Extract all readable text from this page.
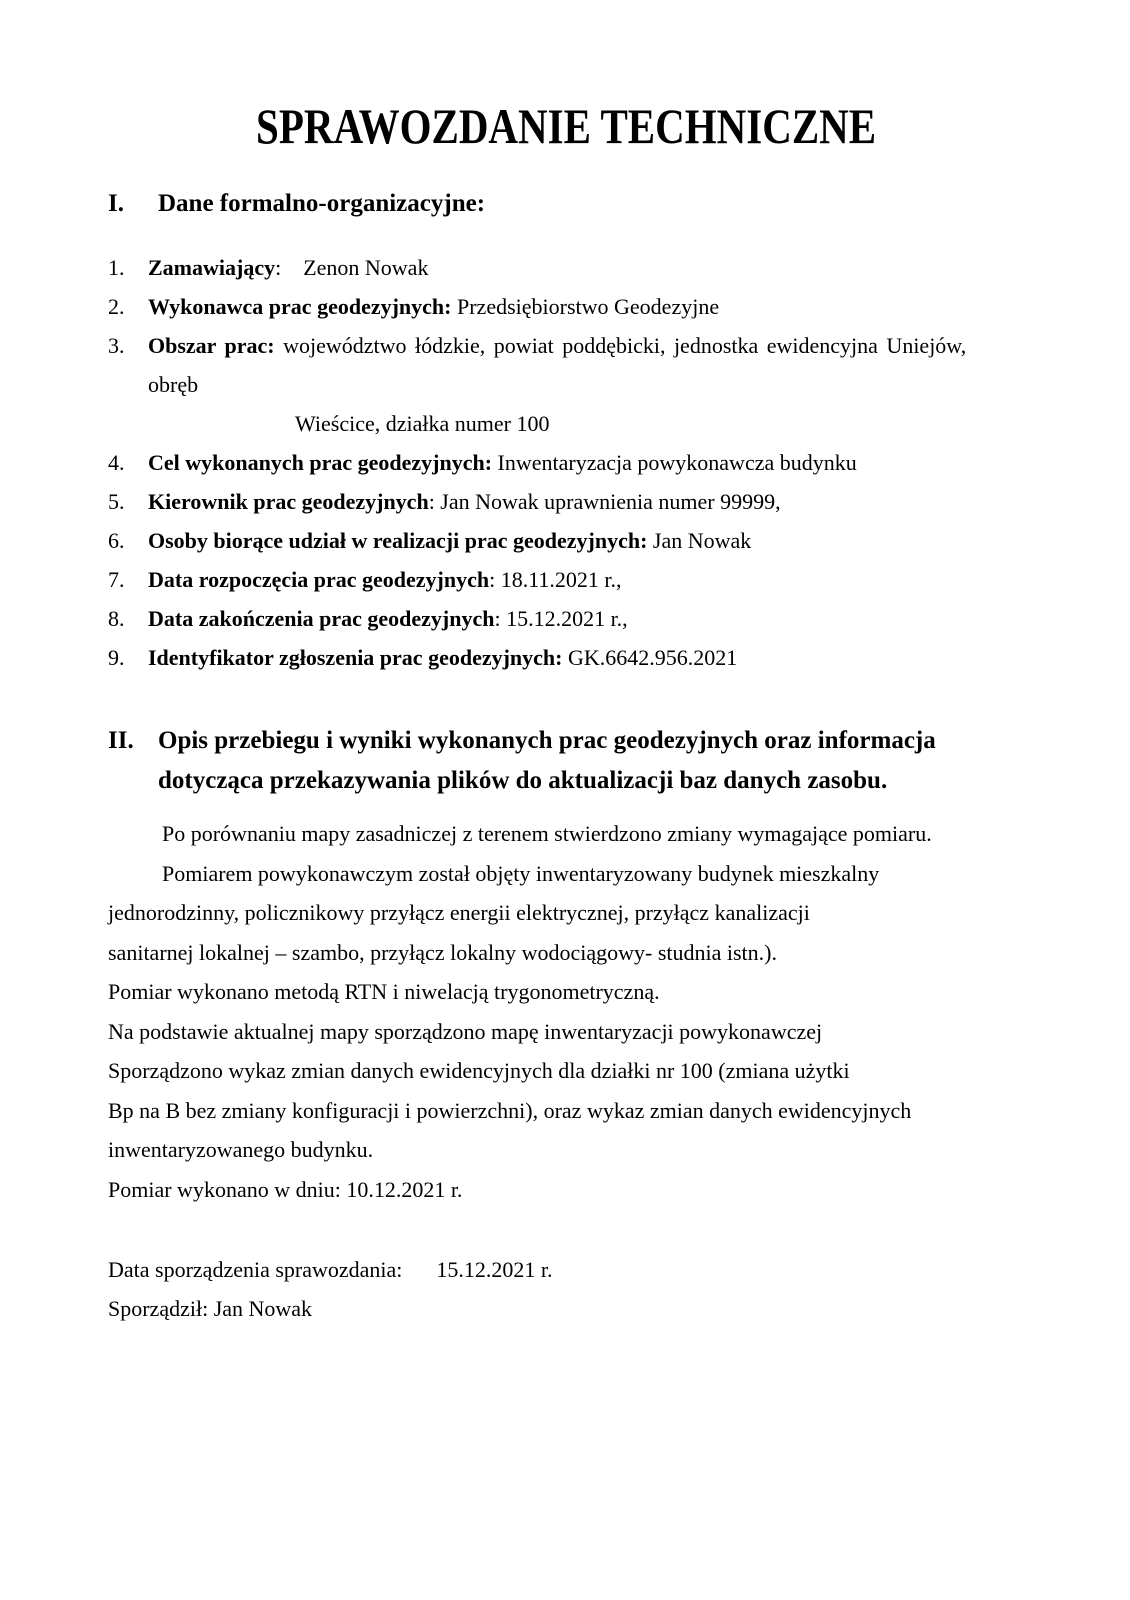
SPRAWOZDANIE TECHNICZNE
I.	Dane formalno-organizacyjne:
1.	Zamawiający:    Zenon Nowak
2.	Wykonawca prac geodezyjnych: Przedsiębiorstwo Geodezyjne
3.	Obszar prac: województwo łódzkie, powiat poddębicki, jednostka ewidencyjna Uniejów, obręb
Wieścice, działka numer 100
4.	Cel wykonanych prac geodezyjnych: Inwentaryzacja powykonawcza budynku
5.	Kierownik prac geodezyjnych: Jan Nowak uprawnienia numer 99999,
6.	Osoby biorące udział w realizacji prac geodezyjnych: Jan Nowak
7.	Data rozpoczęcia prac geodezyjnych: 18.11.2021 r.,
8.	Data zakończenia prac geodezyjnych: 15.12.2021 r.,
9.	Identyfikator zgłoszenia prac geodezyjnych: GK.6642.956.2021
II. Opis przebiegu i wyniki wykonanych prac geodezyjnych oraz informacja
dotycząca przekazywania plików do aktualizacji baz danych zasobu.
Po porównaniu mapy zasadniczej z terenem stwierdzono zmiany wymagające pomiaru.
Pomiarem powykonawczym został objęty inwentaryzowany budynek mieszkalny
jednorodzinny, policznikowy przyłącz energii elektrycznej, przyłącz kanalizacji
sanitarnej lokalnej – szambo, przyłącz lokalny wodociągowy- studnia istn.).
Pomiar wykonano metodą RTN i niwelacją trygonometryczną.
Na podstawie aktualnej mapy sporządzono mapę inwentaryzacji powykonawczej
Sporządzono wykaz zmian danych ewidencyjnych dla działki nr 100 (zmiana użytki
Bp na B bez zmiany konfiguracji i powierzchni), oraz wykaz zmian danych ewidencyjnych
inwentaryzowanego budynku.
Pomiar wykonano w dniu: 10.12.2021 r.
Data sporządzenia sprawozdania: 15.12.2021 r.
Sporządził: Jan Nowak
